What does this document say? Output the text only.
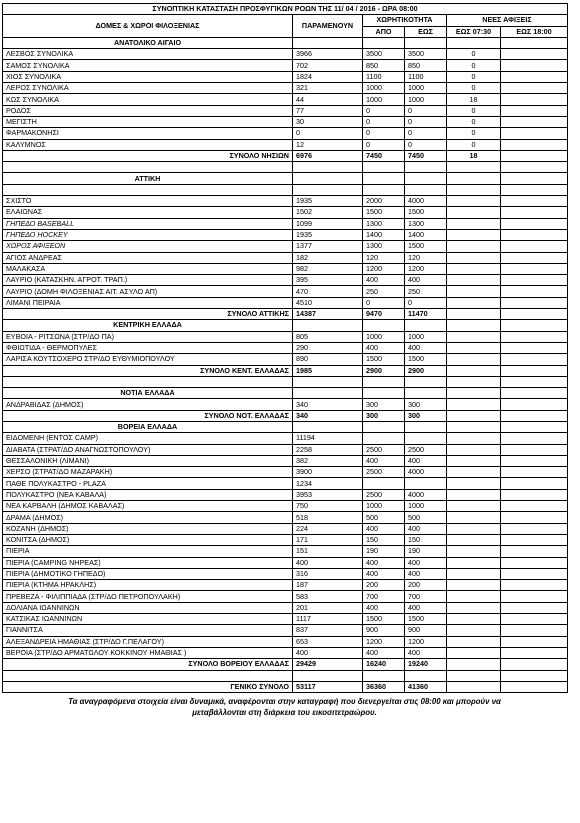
ΣΥΝΟΠΤΙΚΗ ΚΑΤΑΣΤΑΣΗ ΠΡΟΣΦΥΓΙΚΩΝ ΡΟΩΝ ΤΗΣ 11/ 04 / 2016 - ΩΡΑ 08:00					
ΔΟΜΕΣ & ΧΩΡΟΙ ΦΙΛΟΞΕΝΙΑΣ	ΠΑΡΑΜΕΝΟΥΝ	ΧΩΡΗΤΙΚΟΤΗΤΑ		ΝΕΕΣ ΑΦΙΞΕΙΣ	
		ΑΠΟ	ΕΩΣ	ΕΩΣ 07:30	ΕΩΣ 18:00
ΑΝΑΤΟΛΙΚΟ ΑΙΓΑΙΟ					
ΛΕΣΒΟΣ ΣΥΝΟΛΙΚΑ	3966	3500	3500	0	
ΣΑΜΟΣ ΣΥΝΟΛΙΚΑ	702	850	850	0	
ΧΙΟΣ ΣΥΝΟΛΙΚΑ	1824	1100	1100	0	
ΛΕΡΟΣ ΣΥΝΟΛΙΚΑ	321	1000	1000	0	
ΚΩΣ ΣΥΝΟΛΙΚΑ	44	1000	1000	18	
ΡΟΔΟΣ	77	0	0	0	
ΜΕΓΙΣΤΗ	30	0	0	0	
ΦΑΡΜΑΚΟΝΗΣΙ	0	0	0	0	
ΚΑΛΥΜΝΟΣ	12	0	0	0	
ΣΥΝΟΛΟ ΝΗΣΙΩΝ	6976	7450	7450	18	

ΑΤΤΙΚΗ					

ΣΧΙΣΤΟ	1935	2000	4000		
ΕΛΑΙΩΝΑΣ	1502	1500	1500		
ΓΗΠΕΔΟ BASEBALL	1099	1300	1300		
ΓΗΠΕΔΟ HOCKEY	1935	1400	1400		
ΧΩΡΟΣ ΑΦΙΞΕΩΝ	1377	1300	1500		
ΑΓΙΟΣ ΑΝΔΡΕΑΣ	182	120	120		
ΜΑΛΑΚΑΣΑ	982	1200	1200		
ΛΑΥΡΙΟ (ΚΑΤΑΣΚΗΝ. ΑΓΡΟΤ. ΤΡΑΠ.)	395	400	400		
ΛΑΥΡΙΟ (ΔΟΜΗ ΦΙΛΟΞΕΝΙΑΣ ΑΙΤ. ΑΣΥΛΟ ΑΠ)	470	250	250		
ΛΙΜΑΝΙ ΠΕΙΡΑΙΑ	4510	0	0		
ΣΥΝΟΛΟ ΑΤΤΙΚΗΣ	14387	9470	11470		
ΚΕΝΤΡΙΚΗ ΕΛΛΑΔΑ					
ΕΥΒΟΙΑ - ΡΙΤΣΩΝΑ (ΣΤΡ/ΔΟ ΠΑ)	805	1000	1000		
ΦΘΙΩΤΙΔΑ - ΘΕΡΜΟΠΥΛΕΣ	290	400	400		
ΛΑΡΙΣΑ ΚΟΥΤΣΟΧΕΡΟ ΣΤΡ/ΔΟ ΕΥΘΥΜΙΟΠΟΥΛΟΥ	890	1500	1500		
ΣΥΝΟΛΟ ΚΕΝΤ. ΕΛΛΑΔΑΣ	1985	2900	2900		

ΝΟΤΙΑ ΕΛΛΑΔΑ					
ΑΝΔΡΑΒΙΔΑΣ (ΔΗΜΟΣ)	340	300	300		
ΣΥΝΟΛΟ ΝΟΤ. ΕΛΛΑΔΑΣ	340	300	300		
ΒΟΡΕΙΑ ΕΛΛΑΔΑ					
ΕΙΔΟΜΕΝΗ (ΕΝΤΟΣ CAMP)	11194				
ΔΙΑΒΑΤΑ (ΣΤΡΑΤ/ΔΟ ΑΝΑΓΝΩΣΤΟΠΟΥΛΟΥ)	2258	2500	2500		
ΘΕΣΣΑΛΟΝΙΚΗ (ΛΙΜΑΝΙ)	382	400	400		
ΧΕΡΣΟ (ΣΤΡΑΤ/ΔΟ ΜΑΖΑΡΑΚΗ)	3900	2500	4000		
ΠΑΘΕ ΠΟΛΥΚΑΣΤΡΟ - PLAZA	1234				
ΠΟΛΥΚΑΣΤΡΟ (ΝΕΑ ΚΑΒΑΛΑ)	3953	2500	4000		
ΝΕΑ ΚΑΡΒΑΛΗ (ΔΗΜΟΣ ΚΑΒΑΛΑΣ)	750	1000	1000		
ΔΡΑΜΑ (ΔΗΜΟΣ)	518	500	500		
ΚΟΖΑΝΗ (ΔΗΜΟΣ)	224	400	400		
ΚΟΝΙΤΣΑ (ΔΗΜΟΣ)	171	150	150		
ΠΙΕΡΙΑ	151	190	190		
ΠΙΕΡΙΑ (CAMPING ΝΗΡΕΑΣ)	400	400	400		
ΠΙΕΡΙΑ (ΔΗΜΟΤΙΚΟ ΓΗΠΕΔΟ)	316	400	400		
ΠΙΕΡΙΑ (ΚΤΗΜΑ ΗΡΑΚΛΗΣ)	187	200	200		
ΠΡΕΒΕΖΑ - ΦΙΛΙΠΠΙΑΔΑ (ΣΤΡ/ΔΟ ΠΕΤΡΟΠΟΥΛΑΚΗ)	583	700	700		
ΔΟΛΙΑΝΑ ΙΩΑΝΝΙΝΩΝ	201	400	400		
ΚΑΤΣΙΚΑΣ ΙΩΑΝΝΙΝΩΝ	1117	1500	1500		
ΓΙΑΝΝΙΤΣΑ	837	900	900		
ΑΛΕΞΑΝΔΡΕΙΑ ΗΜΑΘΙΑΣ (ΣΤΡ/ΔΟ Γ.ΠΕΛΑΓΟΥ)	653	1200	1200		
ΒΕΡΟΙΑ (ΣΤΡ/ΔΟ ΑΡΜΑΤΩΛΟΥ ΚΟΚΚΙΝΟΥ ΗΜΑΘΙΑΣ )	400	400	400		
ΣΥΝΟΛΟ ΒΟΡΕΙΟΥ ΕΛΛΑΔΑΣ	29429	16240	19240		

ΓΕΝΙΚΟ ΣΥΝΟΛΟ	53117	36360	41360		
Τα αναγραφόμενα στοιχεία είναι δυναμικά, αναφέρονται στην καταγραφή που διενεργείται στις 08:00 και μπορούν να
μεταβάλλονται στη διάρκεια του εικοσιτετραώρου.
